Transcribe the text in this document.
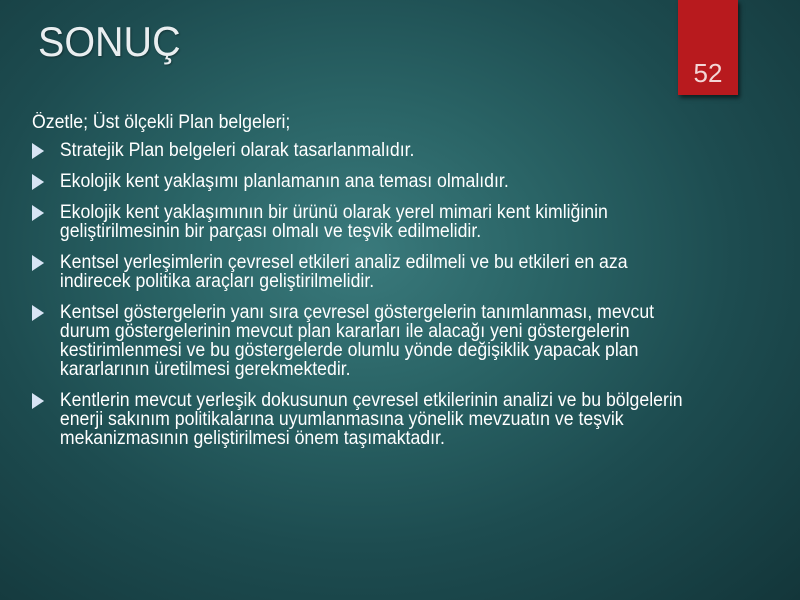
SONUÇ
52
Özetle; Üst ölçekli Plan belgeleri;
Stratejik Plan belgeleri olarak tasarlanmalıdır.
Ekolojik kent yaklaşımı planlamanın ana teması olmalıdır.
Ekolojik kent yaklaşımının bir ürünü olarak yerel mimari kent kimliğinin geliştirilmesinin bir parçası olmalı ve teşvik edilmelidir.
Kentsel yerleşimlerin çevresel etkileri analiz edilmeli ve bu etkileri en aza indirecek politika araçları geliştirilmelidir.
Kentsel göstergelerin yanı sıra çevresel göstergelerin tanımlanması, mevcut durum göstergelerinin mevcut plan kararları ile alacağı yeni göstergelerin kestirimlenmesi ve bu göstergelerde olumlu yönde değişiklik yapacak plan kararlarının üretilmesi gerekmektedir.
Kentlerin mevcut yerleşik dokusunun çevresel etkilerinin analizi ve bu bölgelerin enerji sakınım politikalarına uyumlanmasına yönelik mevzuatın ve teşvik mekanizmasının geliştirilmesi önem taşımaktadır.
